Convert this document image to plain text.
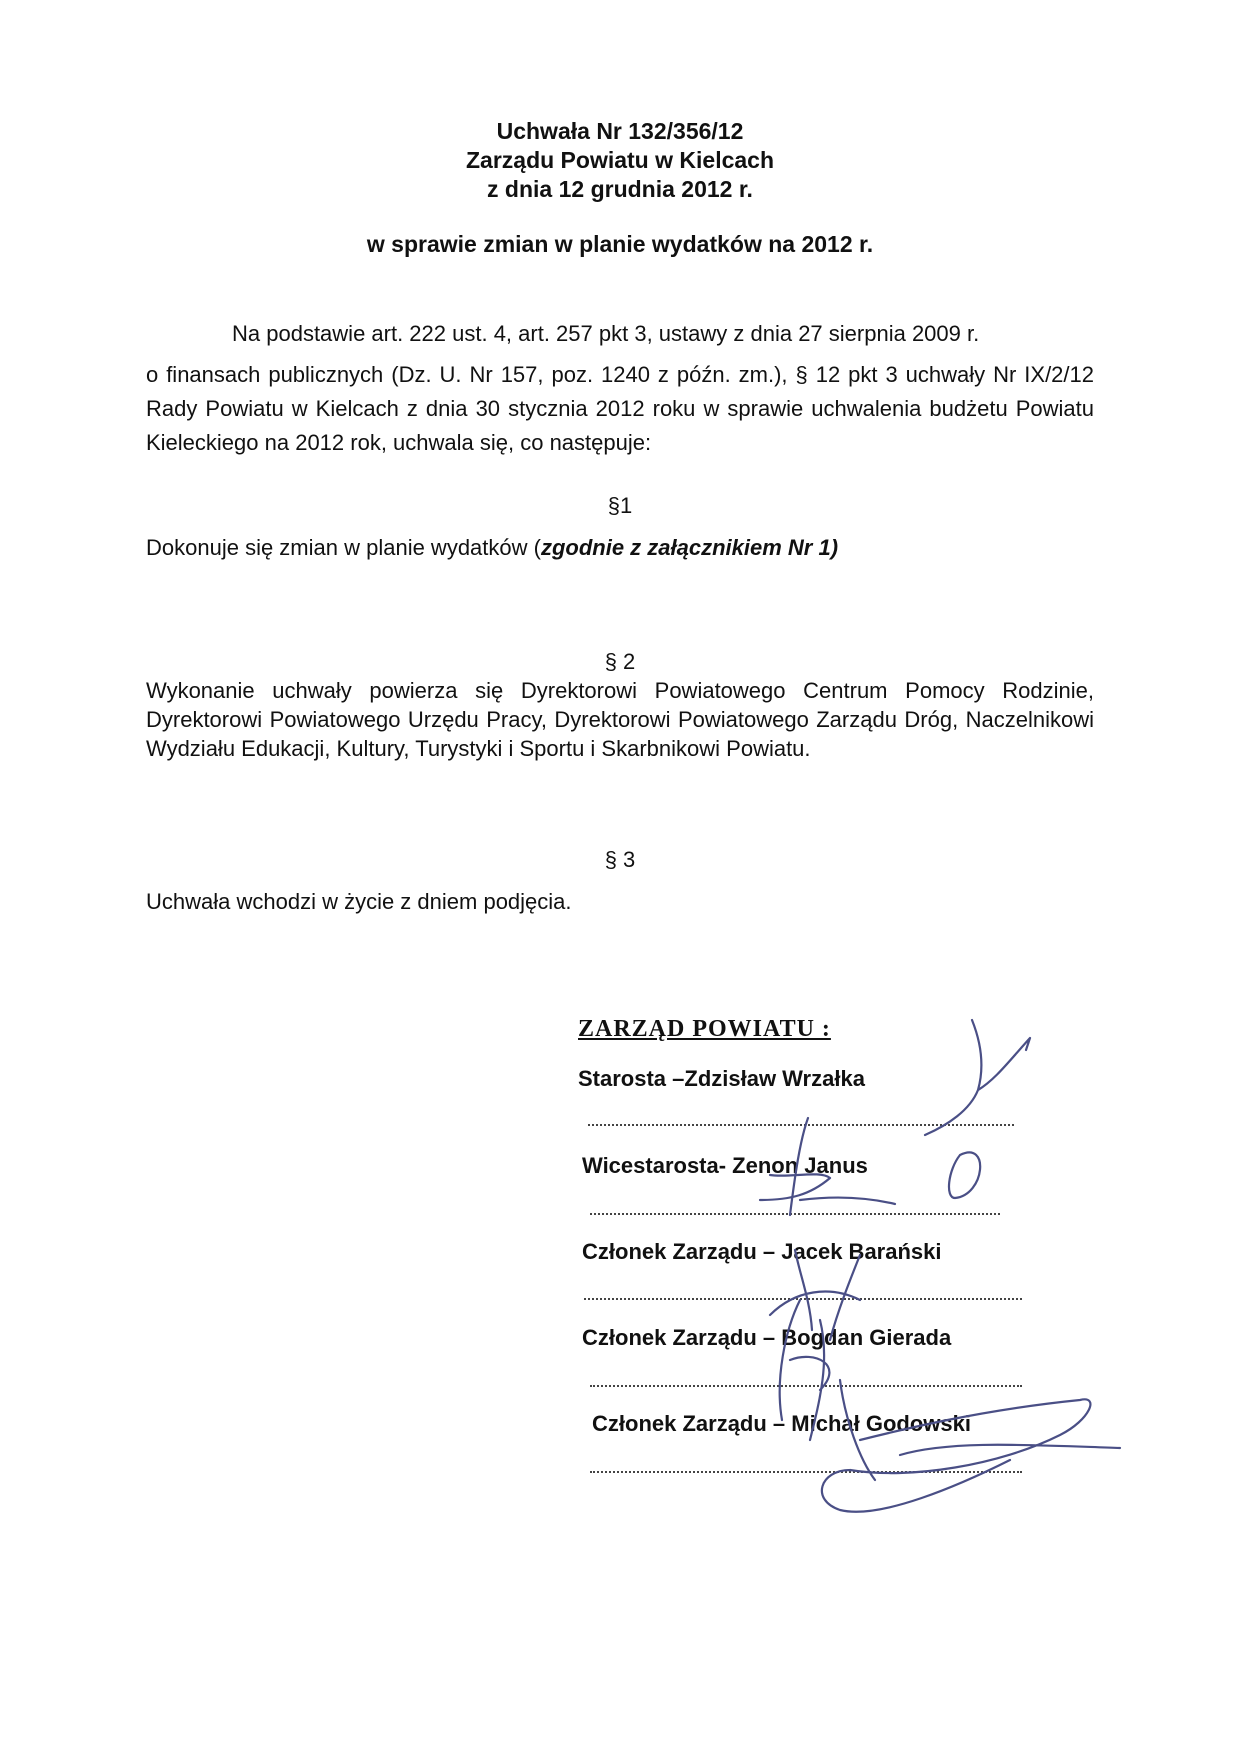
Uchwała Nr 132/356/12
Zarządu Powiatu w Kielcach
z dnia 12 grudnia 2012 r.
w sprawie zmian w planie wydatków na 2012 r.
Na podstawie art. 222 ust. 4, art. 257 pkt 3, ustawy z dnia 27 sierpnia 2009 r.
o finansach publicznych (Dz. U. Nr 157, poz. 1240 z późn. zm.), § 12 pkt 3 uchwały Nr IX/2/12 Rady Powiatu w Kielcach z dnia 30 stycznia 2012 roku w sprawie uchwalenia budżetu Powiatu Kieleckiego na 2012 rok, uchwala się, co następuje:
§1
Dokonuje się zmian w planie wydatków (zgodnie z załącznikiem Nr 1)
§ 2
Wykonanie uchwały powierza się Dyrektorowi Powiatowego Centrum Pomocy Rodzinie, Dyrektorowi Powiatowego Urzędu Pracy, Dyrektorowi Powiatowego Zarządu Dróg, Naczelnikowi Wydziału Edukacji, Kultury, Turystyki i Sportu i Skarbnikowi Powiatu.
§ 3
Uchwała wchodzi w życie z dniem podjęcia.
ZARZĄD POWIATU :
Starosta –Zdzisław Wrzałka
Wicestarosta- Zenon Janus
Członek Zarządu – Jacek Barański
Członek Zarządu – Bogdan Gierada
Członek Zarządu – Michał Godowski
